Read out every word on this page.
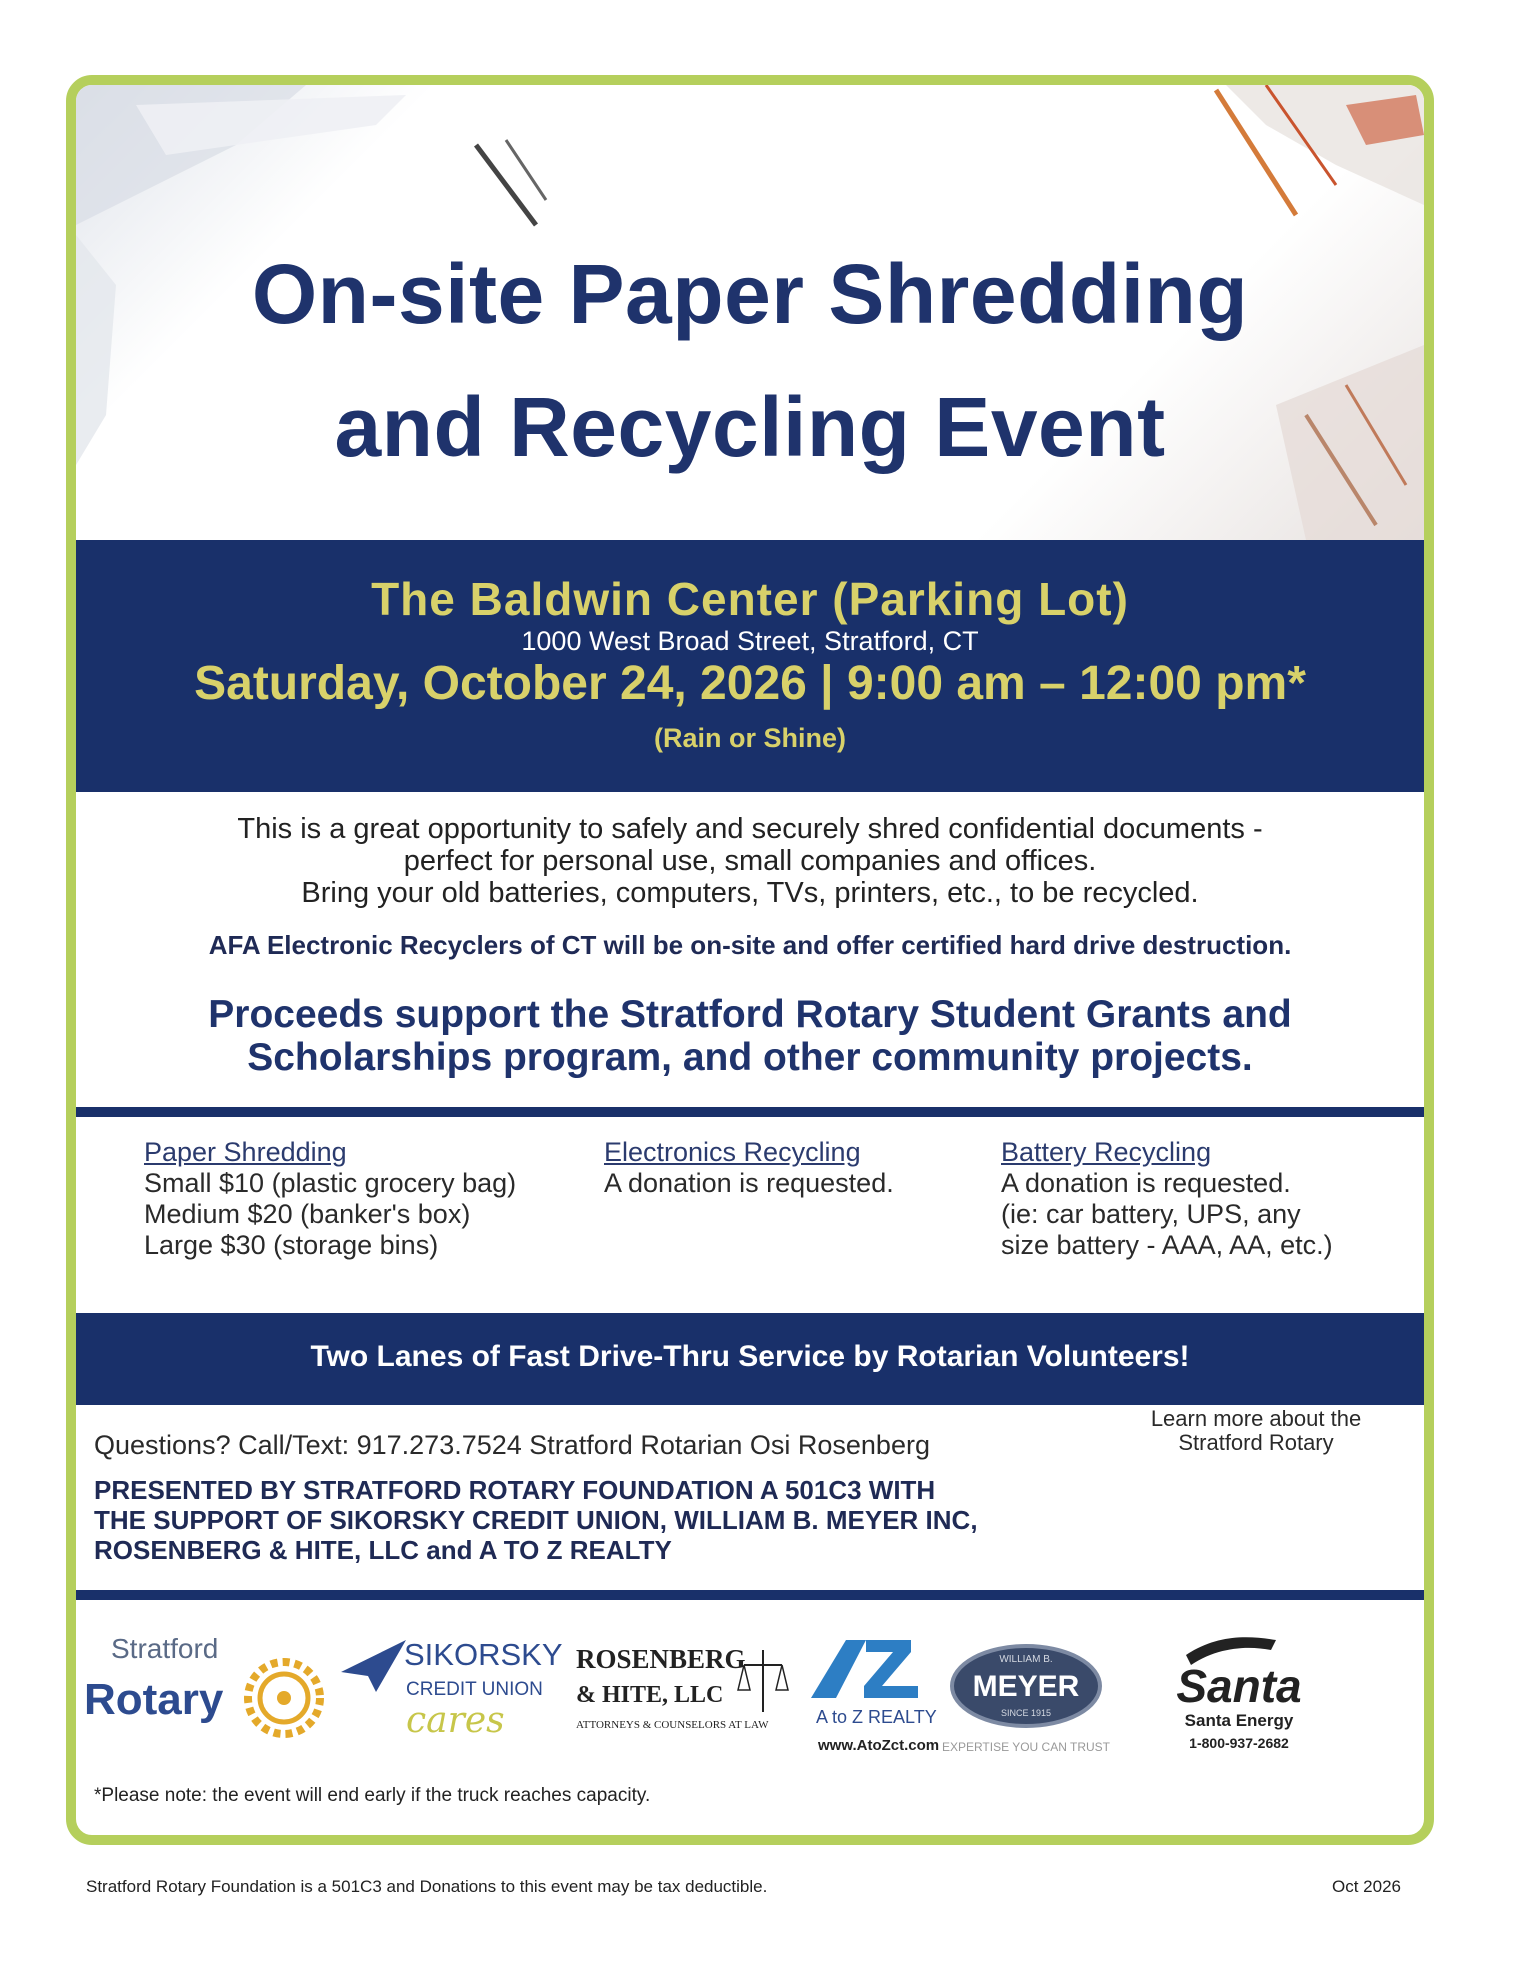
On-site Paper Shredding
and Recycling Event
The Baldwin Center (Parking Lot)
1000 West Broad Street, Stratford, CT
Saturday, October 24, 2026 | 9:00 am – 12:00 pm*
(Rain or Shine)
This is a great opportunity to safely and securely shred confidential documents -
perfect for personal use, small companies and offices.
Bring your old batteries, computers, TVs, printers, etc., to be recycled.
AFA Electronic Recyclers of CT will be on-site and offer certified hard drive destruction.
Proceeds support the Stratford Rotary Student Grants and
Scholarships program, and other community projects.
Paper Shredding
Small $10 (plastic grocery bag)
Medium $20 (banker's box)
Large $30 (storage bins)
Electronics Recycling
A donation is requested.
Battery Recycling
A donation is requested.
(ie: car battery, UPS, any
size battery - AAA, AA, etc.)
Two Lanes of Fast Drive-Thru Service by Rotarian Volunteers!
Questions? Call/Text: 917.273.7524 Stratford Rotarian Osi Rosenberg
Learn more about the
Stratford Rotary
PRESENTED BY STRATFORD ROTARY FOUNDATION A 501C3 WITH
THE SUPPORT OF SIKORSKY CREDIT UNION, WILLIAM B. MEYER INC,
ROSENBERG & HITE, LLC and A TO Z REALTY
Stratford
Rotary
SIKORSKY
CREDIT UNION
cares
ROSENBERG
& HITE, LLC
ATTORNEYS & COUNSELORS AT LAW	A to Z REALTY
www.AtoZct.com
WILLIAM B.
MEYER
SINCE 1915
EXPERTISE YOU CAN TRUST
Santa
Santa Energy
1-800-937-2682
*Please note: the event will end early if the truck reaches capacity.
Stratford Rotary Foundation is a 501C3 and Donations to this event may be tax deductible.	Oct 2026
